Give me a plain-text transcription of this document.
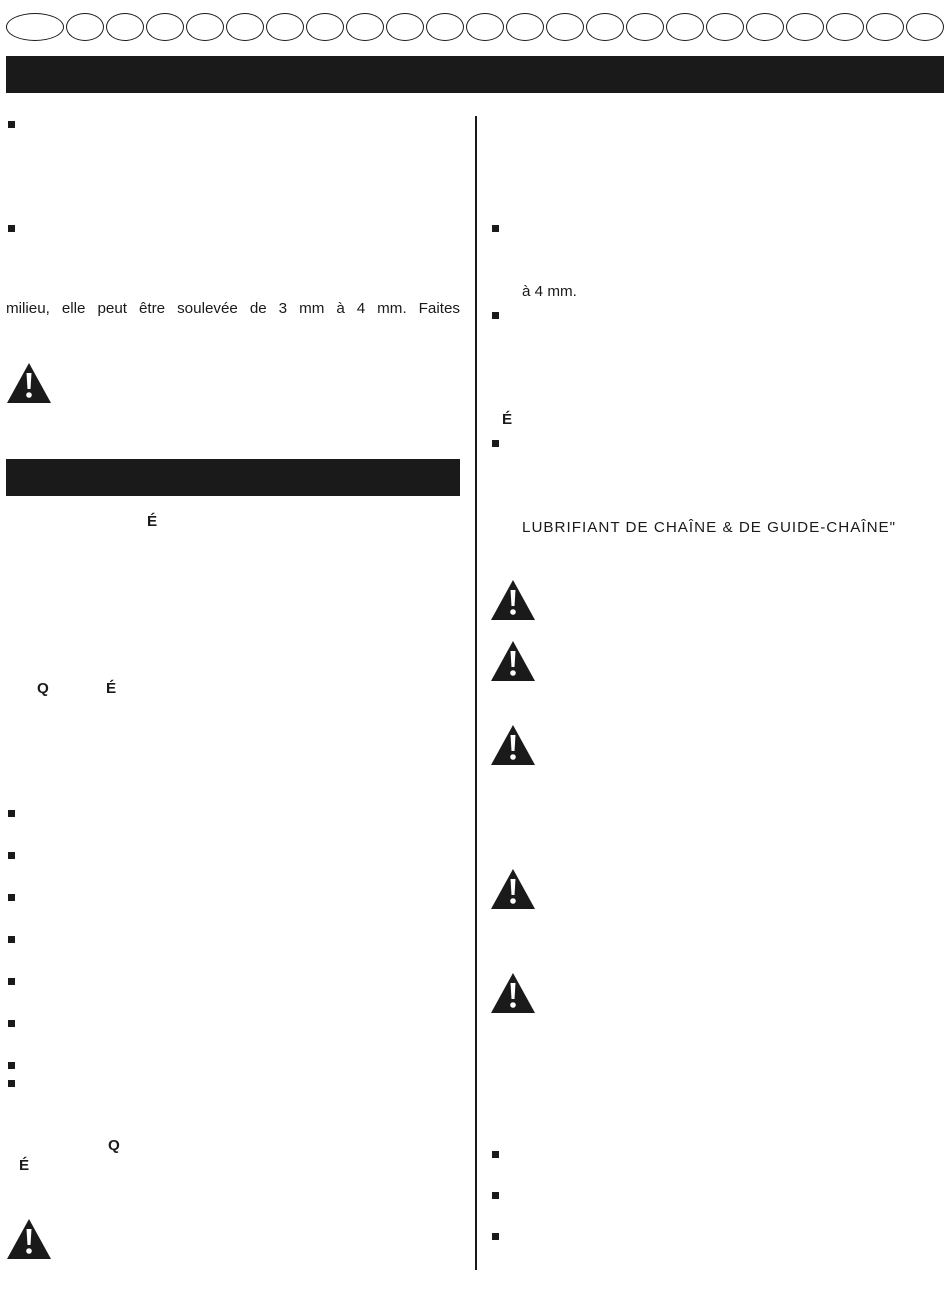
milieu, elle peut être soulevée de 3 mm à 4 mm. Faites
É
Q	É
Q
É
à 4 mm.
É
LUBRIFIANT DE CHAÎNE & DE GUIDE-CHAÎNE"
